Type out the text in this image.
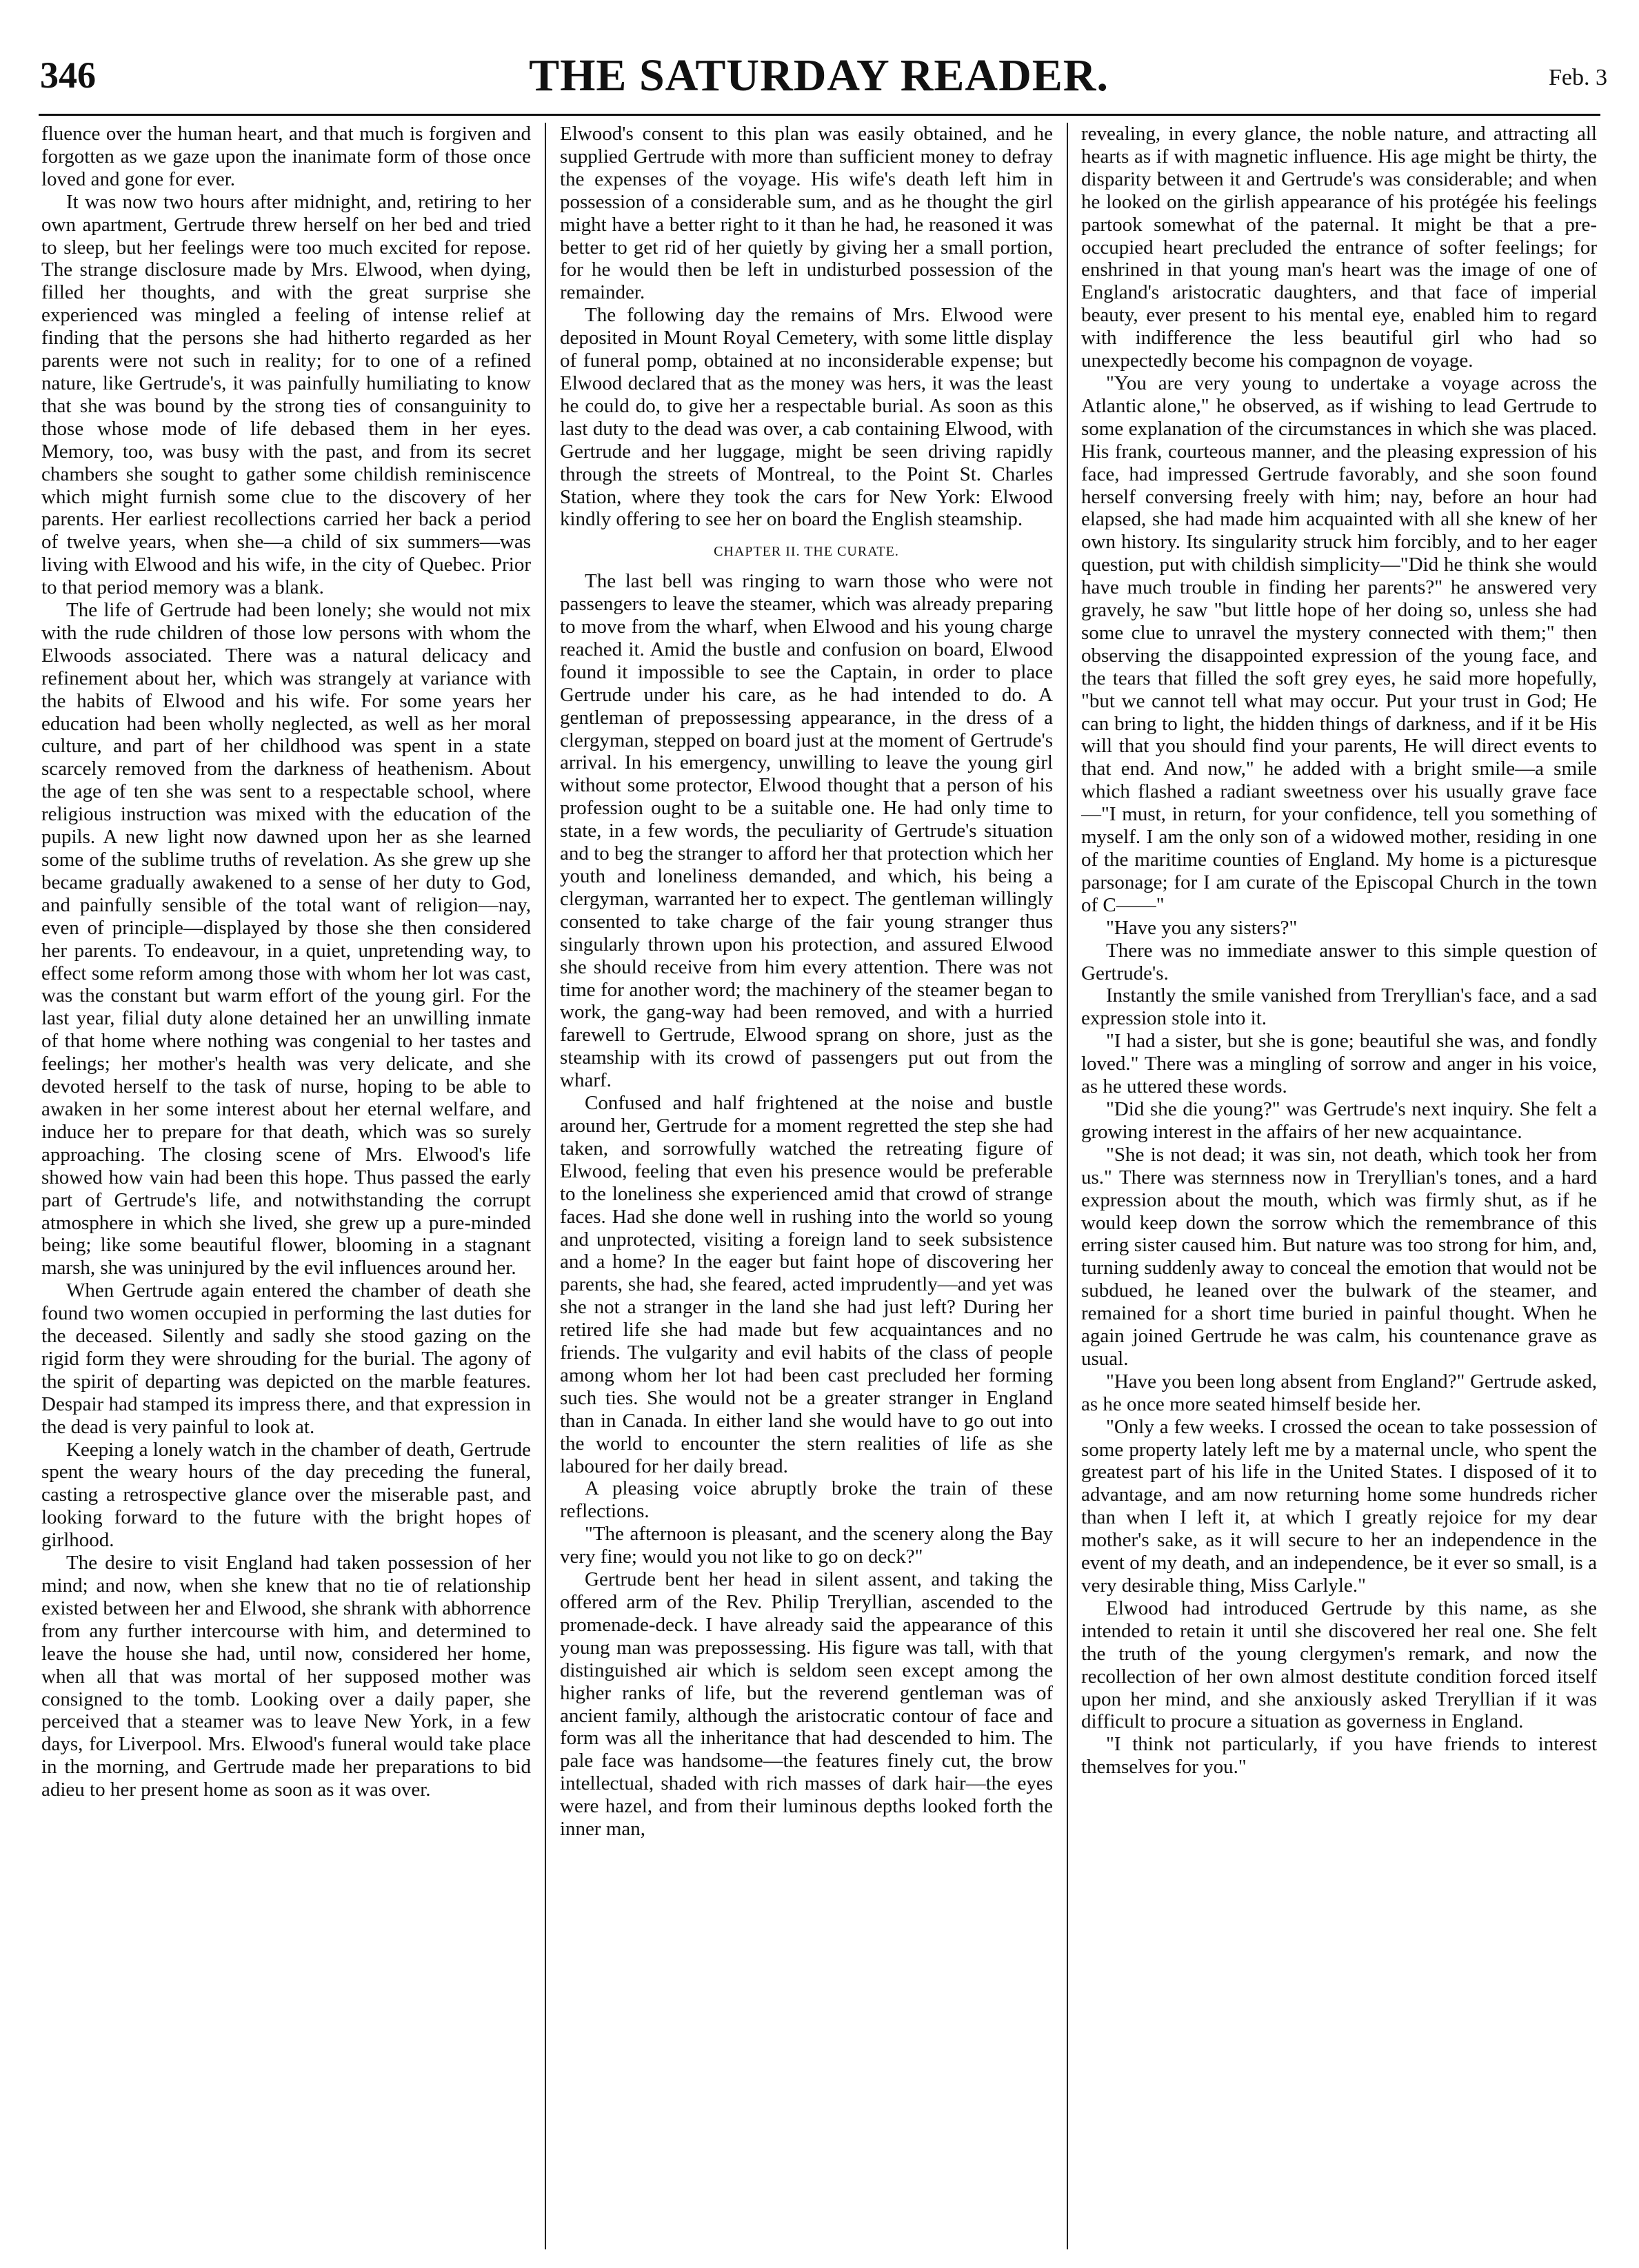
346	THE SATURDAY READER.	Feb. 3

fluence over the human heart, and that much is forgiven and forgotten as we gaze upon the inanimate form of those once loved and gone for ever.

It was now two hours after midnight, and, retiring to her own apartment, Gertrude threw herself on her bed and tried to sleep, but her feelings were too much excited for repose. The strange disclosure made by Mrs. Elwood, when dying, filled her thoughts, and with the great surprise she experienced was mingled a feeling of intense relief at finding that the persons she had hitherto regarded as her parents were not such in reality; for to one of a refined nature, like Gertrude's, it was painfully humiliating to know that she was bound by the strong ties of consanguinity to those whose mode of life debased them in her eyes. Memory, too, was busy with the past, and from its secret chambers she sought to gather some childish reminiscence which might furnish some clue to the discovery of her parents. Her earliest recollections carried her back a period of twelve years, when she—a child of six summers—was living with Elwood and his wife, in the city of Quebec. Prior to that period memory was a blank.

The life of Gertrude had been lonely; she would not mix with the rude children of those low persons with whom the Elwoods associated. There was a natural delicacy and refinement about her, which was strangely at variance with the habits of Elwood and his wife. For some years her education had been wholly neglected, as well as her moral culture, and part of her childhood was spent in a state scarcely removed from the darkness of heathenism. About the age of ten she was sent to a respectable school, where religious instruction was mixed with the education of the pupils. A new light now dawned upon her as she learned some of the sublime truths of revelation. As she grew up she became gradually awakened to a sense of her duty to God, and painfully sensible of the total want of religion—nay, even of principle—displayed by those she then considered her parents. To endeavour, in a quiet, unpretending way, to effect some reform among those with whom her lot was cast, was the constant but warm effort of the young girl. For the last year, filial duty alone detained her an unwilling inmate of that home where nothing was congenial to her tastes and feelings; her mother's health was very delicate, and she devoted herself to the task of nurse, hoping to be able to awaken in her some interest about her eternal welfare, and induce her to prepare for that death, which was so surely approaching. The closing scene of Mrs. Elwood's life showed how vain had been this hope. Thus passed the early part of Gertrude's life, and notwithstanding the corrupt atmosphere in which she lived, she grew up a pure-minded being; like some beautiful flower, blooming in a stagnant marsh, she was uninjured by the evil influences around her.

When Gertrude again entered the chamber of death she found two women occupied in performing the last duties for the deceased. Silently and sadly she stood gazing on the rigid form they were shrouding for the burial. The agony of the spirit of departing was depicted on the marble features. Despair had stamped its impress there, and that expression in the dead is very painful to look at.

Keeping a lonely watch in the chamber of death, Gertrude spent the weary hours of the day preceding the funeral, casting a retrospective glance over the miserable past, and looking forward to the future with the bright hopes of girlhood.

The desire to visit England had taken possession of her mind; and now, when she knew that no tie of relationship existed between her and Elwood, she shrank with abhorrence from any further intercourse with him, and determined to leave the house she had, until now, considered her home, when all that was mortal of her supposed mother was consigned to the tomb. Looking over a daily paper, she perceived that a steamer was to leave New York, in a few days, for Liverpool. Mrs. Elwood's funeral would take place in the morning, and Gertrude made her preparations to bid adieu to her present home as soon as it was over.

Elwood's consent to this plan was easily obtained, and he supplied Gertrude with more than sufficient money to defray the expenses of the voyage. His wife's death left him in possession of a considerable sum, and as he thought the girl might have a better right to it than he had, he reasoned it was better to get rid of her quietly by giving her a small portion, for he would then be left in undisturbed possession of the remainder.

The following day the remains of Mrs. Elwood were deposited in Mount Royal Cemetery, with some little display of funeral pomp, obtained at no inconsiderable expense; but Elwood declared that as the money was hers, it was the least he could do, to give her a respectable burial. As soon as this last duty to the dead was over, a cab containing Elwood, with Gertrude and her luggage, might be seen driving rapidly through the streets of Montreal, to the Point St. Charles Station, where they took the cars for New York: Elwood kindly offering to see her on board the English steamship.

CHAPTER II. THE CURATE.

The last bell was ringing to warn those who were not passengers to leave the steamer, which was already preparing to move from the wharf, when Elwood and his young charge reached it. Amid the bustle and confusion on board, Elwood found it impossible to see the Captain, in order to place Gertrude under his care, as he had intended to do. A gentleman of prepossessing appearance, in the dress of a clergyman, stepped on board just at the moment of Gertrude's arrival. In his emergency, unwilling to leave the young girl without some protector, Elwood thought that a person of his profession ought to be a suitable one. He had only time to state, in a few words, the peculiarity of Gertrude's situation and to beg the stranger to afford her that protection which her youth and loneliness demanded, and which, his being a clergyman, warranted her to expect. The gentleman willingly consented to take charge of the fair young stranger thus singularly thrown upon his protection, and assured Elwood she should receive from him every attention. There was not time for another word; the machinery of the steamer began to work, the gang-way had been removed, and with a hurried farewell to Gertrude, Elwood sprang on shore, just as the steamship with its crowd of passengers put out from the wharf.

Confused and half frightened at the noise and bustle around her, Gertrude for a moment regretted the step she had taken, and sorrowfully watched the retreating figure of Elwood, feeling that even his presence would be preferable to the loneliness she experienced amid that crowd of strange faces. Had she done well in rushing into the world so young and unprotected, visiting a foreign land to seek subsistence and a home? In the eager but faint hope of discovering her parents, she had, she feared, acted imprudently—and yet was she not a stranger in the land she had just left? During her retired life she had made but few acquaintances and no friends. The vulgarity and evil habits of the class of people among whom her lot had been cast precluded her forming such ties. She would not be a greater stranger in England than in Canada. In either land she would have to go out into the world to encounter the stern realities of life as she laboured for her daily bread.

A pleasing voice abruptly broke the train of these reflections.

"The afternoon is pleasant, and the scenery along the Bay very fine; would you not like to go on deck?"

Gertrude bent her head in silent assent, and taking the offered arm of the Rev. Philip Treryllian, ascended to the promenade-deck. I have already said the appearance of this young man was prepossessing. His figure was tall, with that distinguished air which is seldom seen except among the higher ranks of life, but the reverend gentleman was of ancient family, although the aristocratic contour of face and form was all the inheritance that had descended to him. The pale face was handsome—the features finely cut, the brow intellectual, shaded with rich masses of dark hair—the eyes were hazel, and from their luminous depths looked forth the inner man,

revealing, in every glance, the noble nature, and attracting all hearts as if with magnetic influence. His age might be thirty, the disparity between it and Gertrude's was considerable; and when he looked on the girlish appearance of his protégée his feelings partook somewhat of the paternal. It might be that a pre-occupied heart precluded the entrance of softer feelings; for enshrined in that young man's heart was the image of one of England's aristocratic daughters, and that face of imperial beauty, ever present to his mental eye, enabled him to regard with indifference the less beautiful girl who had so unexpectedly become his compagnon de voyage.

"You are very young to undertake a voyage across the Atlantic alone," he observed, as if wishing to lead Gertrude to some explanation of the circumstances in which she was placed. His frank, courteous manner, and the pleasing expression of his face, had impressed Gertrude favorably, and she soon found herself conversing freely with him; nay, before an hour had elapsed, she had made him acquainted with all she knew of her own history. Its singularity struck him forcibly, and to her eager question, put with childish simplicity—"Did he think she would have much trouble in finding her parents?" he answered very gravely, he saw "but little hope of her doing so, unless she had some clue to unravel the mystery connected with them;" then observing the disappointed expression of the young face, and the tears that filled the soft grey eyes, he said more hopefully, "but we cannot tell what may occur. Put your trust in God; He can bring to light, the hidden things of darkness, and if it be His will that you should find your parents, He will direct events to that end. And now," he added with a bright smile—a smile which flashed a radiant sweetness over his usually grave face—"I must, in return, for your confidence, tell you something of myself. I am the only son of a widowed mother, residing in one of the maritime counties of England. My home is a picturesque parsonage; for I am curate of the Episcopal Church in the town of C——"

"Have you any sisters?"

There was no immediate answer to this simple question of Gertrude's.

Instantly the smile vanished from Treryllian's face, and a sad expression stole into it.

"I had a sister, but she is gone; beautiful she was, and fondly loved." There was a mingling of sorrow and anger in his voice, as he uttered these words.

"Did she die young?" was Gertrude's next inquiry. She felt a growing interest in the affairs of her new acquaintance.

"She is not dead; it was sin, not death, which took her from us." There was sternness now in Treryllian's tones, and a hard expression about the mouth, which was firmly shut, as if he would keep down the sorrow which the remembrance of this erring sister caused him. But nature was too strong for him, and, turning suddenly away to conceal the emotion that would not be subdued, he leaned over the bulwark of the steamer, and remained for a short time buried in painful thought. When he again joined Gertrude he was calm, his countenance grave as usual.

"Have you been long absent from England?" Gertrude asked, as he once more seated himself beside her.

"Only a few weeks. I crossed the ocean to take possession of some property lately left me by a maternal uncle, who spent the greatest part of his life in the United States. I disposed of it to advantage, and am now returning home some hundreds richer than when I left it, at which I greatly rejoice for my dear mother's sake, as it will secure to her an independence in the event of my death, and an independence, be it ever so small, is a very desirable thing, Miss Carlyle."

Elwood had introduced Gertrude by this name, as she intended to retain it until she discovered her real one. She felt the truth of the young clergymen's remark, and now the recollection of her own almost destitute condition forced itself upon her mind, and she anxiously asked Treryllian if it was difficult to procure a situation as governess in England.

"I think not particularly, if you have friends to interest themselves for you."
